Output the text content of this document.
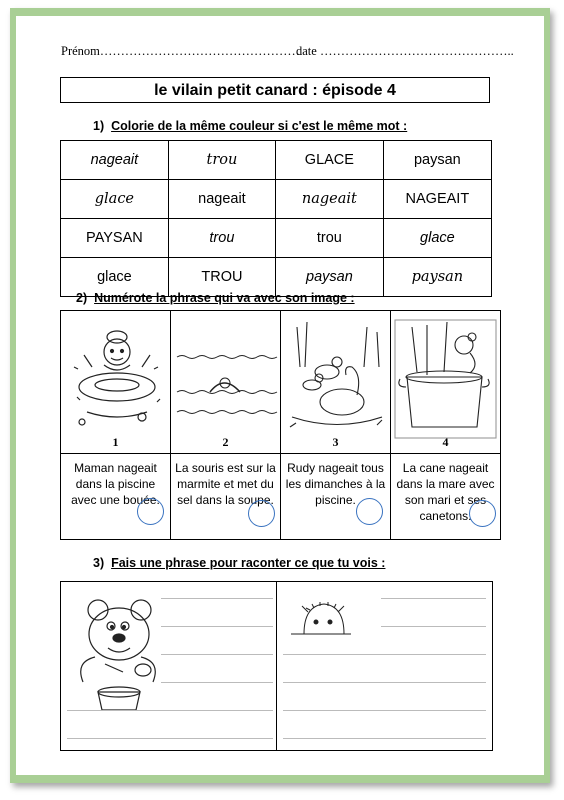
Prénom…………………………………………
date ………………………………………..
le vilain petit canard : épisode 4
1) Colorie de la même couleur si c'est le même mot :
nageait	trou	GLACE	paysan
glace	nageait	nageait	NAGEAIT
PAYSAN	trou	trou	glace
glace	TROU	paysan	paysan
2) Numérote la phrase qui va avec son image :
1	2	3	4

Maman nageait dans la piscine avec une bouée.	La souris est sur la marmite et met du sel dans la soupe.	Rudy nageait tous les dimanches à la piscine.	La cane nageait dans la mare avec son mari et ses canetons.
3) Fais une phrase pour raconter ce que tu vois :
